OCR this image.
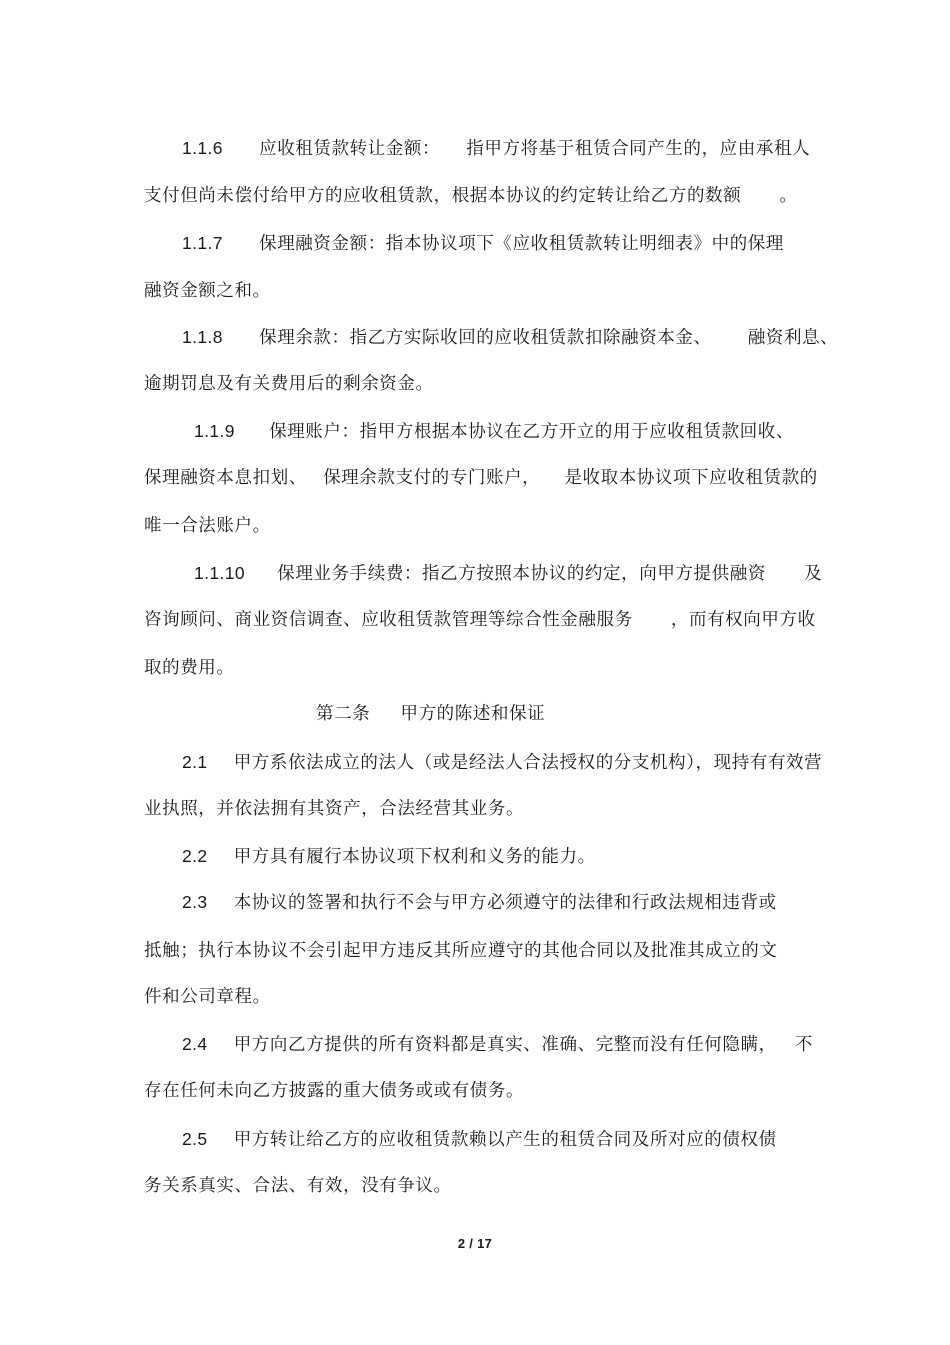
1.1.6 应收租赁款转让金额： 指甲方将基于租赁合同产生的，应由承租人
支付但尚未偿付给甲方的应收租赁款，根据本协议的约定转让给乙方的数额 。
1.1.7 保理融资金额：指本协议项下《应收租赁款转让明细表》中的保理
融资金额之和。
1.1.8 保理余款：指乙方实际收回的应收租赁款扣除融资本金、 融资利息、
逾期罚息及有关费用后的剩余资金。
1.1.9 保理账户：指甲方根据本协议在乙方开立的用于应收租赁款回收、
保理融资本息扣划、 保理余款支付的专门账户， 是收取本协议项下应收租赁款的
唯一合法账户。
1.1.10 保理业务手续费：指乙方按照本协议的约定，向甲方提供融资 及
咨询顾问、商业资信调查、应收租赁款管理等综合性金融服务 ，而有权向甲方收
取的费用。
第二条 甲方的陈述和保证
2.1 甲方系依法成立的法人（或是经法人合法授权的分支机构），现持有有效营
业执照，并依法拥有其资产，合法经营其业务。
2.2 甲方具有履行本协议项下权利和义务的能力。
2.3 本协议的签署和执行不会与甲方必须遵守的法律和行政法规相违背或
抵触；执行本协议不会引起甲方违反其所应遵守的其他合同以及批准其成立的文
件和公司章程。
2.4 甲方向乙方提供的所有资料都是真实、准确、完整而没有任何隐瞒， 不
存在任何未向乙方披露的重大债务或或有债务。
2.5 甲方转让给乙方的应收租赁款赖以产生的租赁合同及所对应的债权债
务关系真实、合法、有效，没有争议。
2 / 17
